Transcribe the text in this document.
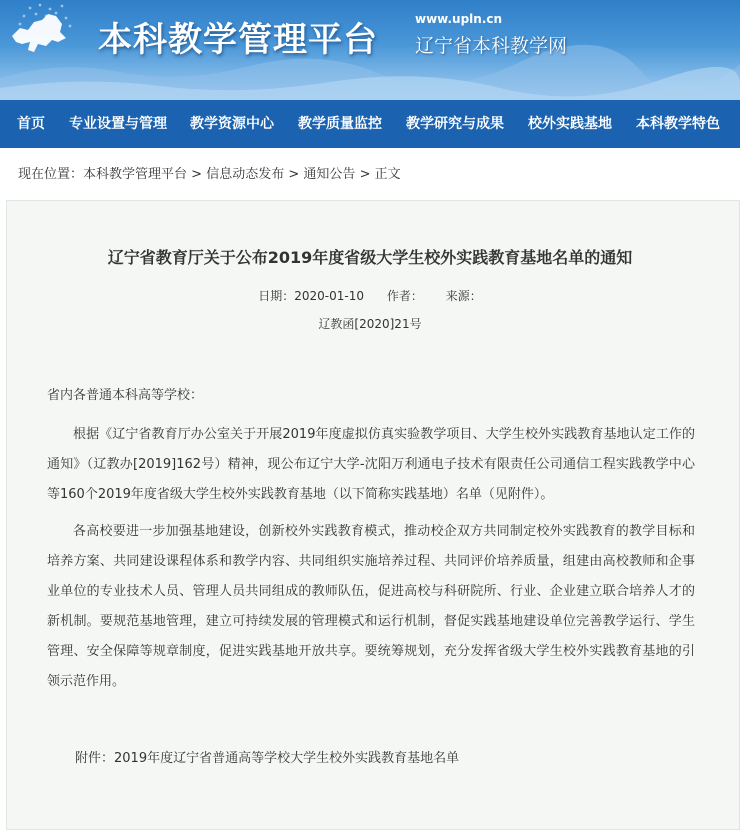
本科教学管理平台
www.upln.cn
辽宁省本科教学网
首页 专业设置与管理 教学资源中心 教学质量监控 教学研究与成果 校外实践基地 本科教学特色
现在位置：本科教学管理平台 > 信息动态发布 > 通知公告 > 正文
辽宁省教育厅关于公布2019年度省级大学生校外实践教育基地名单的通知
日期：2020-01-10      作者：      来源：
辽教函[2020]21号
省内各普通本科高等学校：
根据《辽宁省教育厅办公室关于开展2019年度虚拟仿真实验教学项目、大学生校外实践教育基地认定工作的通知》（辽教办[2019]162号）精神，现公布辽宁大学-沈阳万利通电子技术有限责任公司通信工程实践教学中心等160个2019年度省级大学生校外实践教育基地（以下简称实践基地）名单（见附件）。
各高校要进一步加强基地建设，创新校外实践教育模式，推动校企双方共同制定校外实践教育的教学目标和培养方案、共同建设课程体系和教学内容、共同组织实施培养过程、共同评价培养质量，组建由高校教师和企事业单位的专业技术人员、管理人员共同组成的教师队伍，促进高校与科研院所、行业、企业建立联合培养人才的新机制。要规范基地管理，建立可持续发展的管理模式和运行机制，督促实践基地建设单位完善教学运行、学生管理、安全保障等规章制度，促进实践基地开放共享。要统筹规划，充分发挥省级大学生校外实践教育基地的引领示范作用。
附件：2019年度辽宁省普通高等学校大学生校外实践教育基地名单
